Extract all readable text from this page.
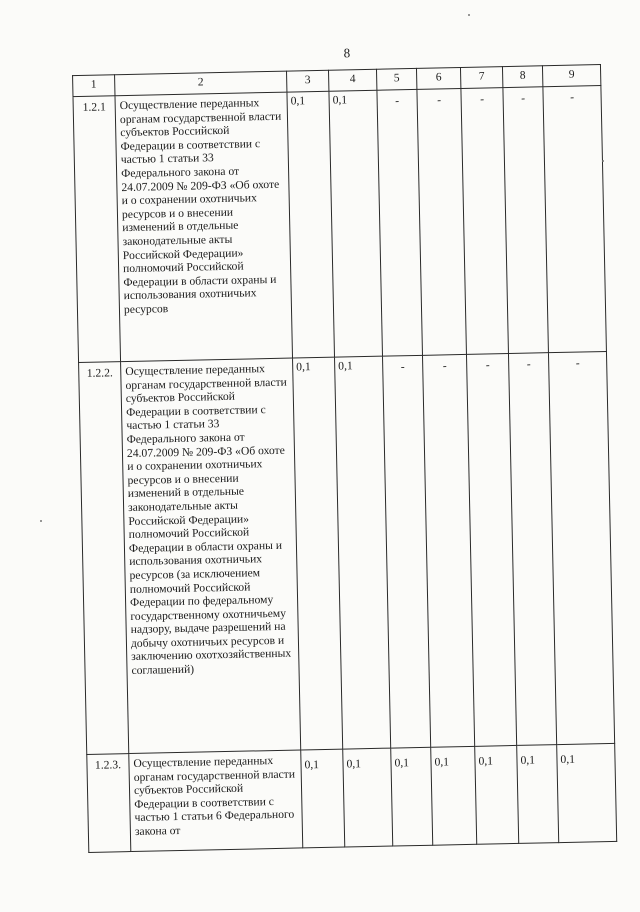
8
1	2	3	4	5	6	7	8	9
1.2.1	Осуществление переданных органам государственной власти субъектов Российской Федерации в соответствии с частью 1 статьи 33 Федерального закона от 24.07.2009 № 209-ФЗ «Об охоте и о сохранении охотничьих ресурсов и о внесении изменений в отдельные законодательные акты Российской Федерации» полномочий Российской Федерации в области охраны и использования охотничьих ресурсов	0,1	0,1	-	-	-	-	-
1.2.2.	Осуществление переданных органам государственной власти субъектов Российской Федерации в соответствии с частью 1 статьи 33 Федерального закона от 24.07.2009 № 209-ФЗ «Об охоте и о сохранении охотничьих ресурсов и о внесении изменений в отдельные законодательные акты Российской Федерации» полномочий Российской Федерации в области охраны и использования охотничьих ресурсов (за исключением полномочий Российской Федерации по федеральному государственному охотничьему надзору, выдаче разрешений на добычу охотничьих ресурсов и заключению охотхозяйственных соглашений)	0,1	0,1	-	-	-	-	-
1.2.3.	Осуществление переданных органам государственной власти субъектов Российской Федерации в соответствии с частью 1 статьи 6 Федерального закона от	0,1	0,1	0,1	0,1	0,1	0,1	0,1
